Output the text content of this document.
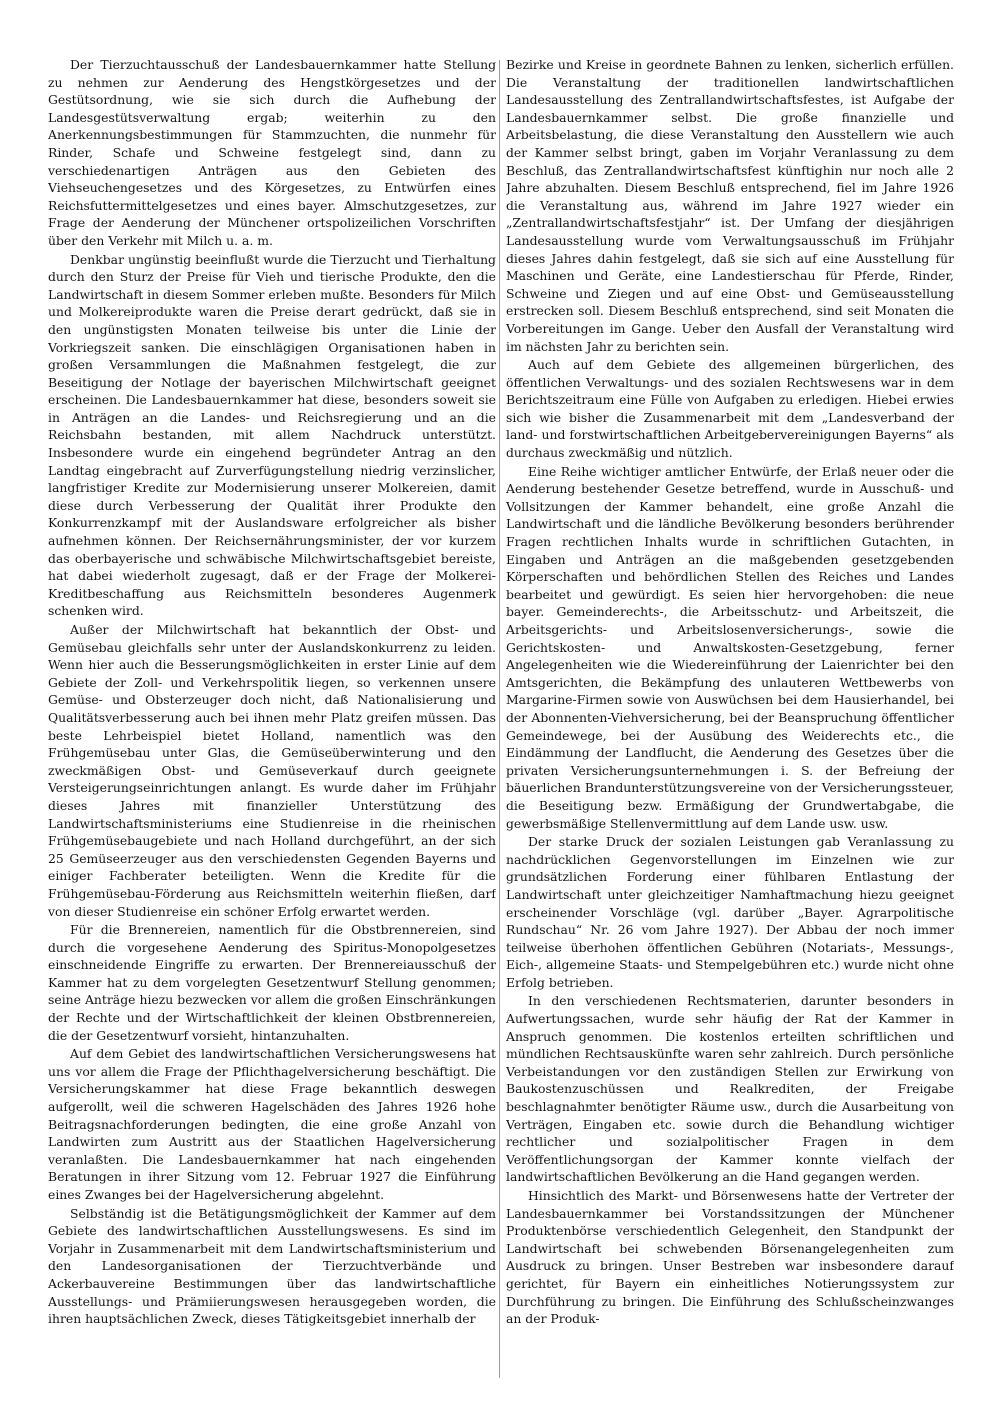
Der Tierzuchtausschuß der Landesbauernkammer hatte Stellung zu nehmen zur Aenderung des Hengstkörgesetzes und der Gestütsordnung, wie sie sich durch die Aufhebung der Landesgestütsverwaltung ergab; weiterhin zu den Anerkennungsbestimmungen für Stammzuchten, die nunmehr für Rinder, Schafe und Schweine festgelegt sind, dann zu verschiedenartigen Anträgen aus den Gebieten des Viehseuchengesetzes und des Körgesetzes, zu Entwürfen eines Reichsfuttermittelgesetzes und eines bayer. Almschutzgesetzes, zur Frage der Aenderung der Münchener ortspolizeilichen Vorschriften über den Verkehr mit Milch u. a. m.

Denkbar ungünstig beeinflußt wurde die Tierzucht und Tierhaltung durch den Sturz der Preise für Vieh und tierische Produkte, den die Landwirtschaft in diesem Sommer erleben mußte. Besonders für Milch und Molkereiprodukte waren die Preise derart gedrückt, daß sie in den ungünstigsten Monaten teilweise bis unter die Linie der Vorkriegszeit sanken. Die einschlägigen Organisationen haben in großen Versammlungen die Maßnahmen festgelegt, die zur Beseitigung der Notlage der bayerischen Milchwirtschaft geeignet erscheinen. Die Landesbauernkammer hat diese, besonders soweit sie in Anträgen an die Landes- und Reichsregierung und an die Reichsbahn bestanden, mit allem Nachdruck unterstützt. Insbesondere wurde ein eingehend begründeter Antrag an den Landtag eingebracht auf Zurverfügungstellung niedrig verzinslicher, langfristiger Kredite zur Modernisierung unserer Molkereien, damit diese durch Verbesserung der Qualität ihrer Produkte den Konkurrenzkampf mit der Auslandsware erfolgreicher als bisher aufnehmen können. Der Reichsernährungsminister, der vor kurzem das oberbayerische und schwäbische Milchwirtschaftsgebiet bereiste, hat dabei wiederholt zugesagt, daß er der Frage der Molkerei-Kreditbeschaffung aus Reichsmitteln besonderes Augenmerk schenken wird.

Außer der Milchwirtschaft hat bekanntlich der Obst- und Gemüsebau gleichfalls sehr unter der Auslandskonkurrenz zu leiden. Wenn hier auch die Besserungsmöglichkeiten in erster Linie auf dem Gebiete der Zoll- und Verkehrspolitik liegen, so verkennen unsere Gemüse- und Obsterzeuger doch nicht, daß Nationalisierung und Qualitätsverbesserung auch bei ihnen mehr Platz greifen müssen. Das beste Lehrbeispiel bietet Holland, namentlich was den Frühgemüsebau unter Glas, die Gemüseüberwinterung und den zweckmäßigen Obst- und Gemüseverkauf durch geeignete Versteigerungseinrichtungen anlangt. Es wurde daher im Frühjahr dieses Jahres mit finanzieller Unterstützung des Landwirtschaftsministeriums eine Studienreise in die rheinischen Frühgemüsebaugebiete und nach Holland durchgeführt, an der sich 25 Gemüseerzeuger aus den verschiedensten Gegenden Bayerns und einiger Fachberater beteiligten. Wenn die Kredite für die Frühgemüsebau-Förderung aus Reichsmitteln weiterhin fließen, darf von dieser Studienreise ein schöner Erfolg erwartet werden.

Für die Brennereien, namentlich für die Obstbrennereien, sind durch die vorgesehene Aenderung des Spiritus-Monopolgesetzes einschneidende Eingriffe zu erwarten. Der Brennereiausschuß der Kammer hat zu dem vorgelegten Gesetzentwurf Stellung genommen; seine Anträge hiezu bezwecken vor allem die großen Einschränkungen der Rechte und der Wirtschaftlichkeit der kleinen Obstbrennereien, die der Gesetzentwurf vorsieht, hintanzuhalten.

Auf dem Gebiet des landwirtschaftlichen Versicherungswesens hat uns vor allem die Frage der Pflichthagelversicherung beschäftigt. Die Versicherungskammer hat diese Frage bekanntlich deswegen aufgerollt, weil die schweren Hagelschäden des Jahres 1926 hohe Beitragsnachforderungen bedingten, die eine große Anzahl von Landwirten zum Austritt aus der Staatlichen Hagelversicherung veranlaßten. Die Landesbauernkammer hat nach eingehenden Beratungen in ihrer Sitzung vom 12. Februar 1927 die Einführung eines Zwanges bei der Hagelversicherung abgelehnt.

Selbständig ist die Betätigungsmöglichkeit der Kammer auf dem Gebiete des landwirtschaftlichen Ausstellungswesens. Es sind im Vorjahr in Zusammenarbeit mit dem Landwirtschaftsministerium und den Landesorganisationen der Tierzuchtverbände und Ackerbauvereine Bestimmungen über das landwirtschaftliche Ausstellungs- und Prämiierungswesen herausgegeben worden, die ihren hauptsächlichen Zweck, dieses Tätigkeitsgebiet innerhalb der

Bezirke und Kreise in geordnete Bahnen zu lenken, sicherlich erfüllen. Die Veranstaltung der traditionellen landwirtschaftlichen Landesausstellung des Zentrallandwirtschaftsfestes, ist Aufgabe der Landesbauernkammer selbst. Die große finanzielle und Arbeitsbelastung, die diese Veranstaltung den Ausstellern wie auch der Kammer selbst bringt, gaben im Vorjahr Veranlassung zu dem Beschluß, das Zentrallandwirtschaftsfest künftighin nur noch alle 2 Jahre abzuhalten. Diesem Beschluß entsprechend, fiel im Jahre 1926 die Veranstaltung aus, während im Jahre 1927 wieder ein „Zentrallandwirtschaftsfestjahr“ ist. Der Umfang der diesjährigen Landesausstellung wurde vom Verwaltungsausschuß im Frühjahr dieses Jahres dahin festgelegt, daß sie sich auf eine Ausstellung für Maschinen und Geräte, eine Landestierschau für Pferde, Rinder, Schweine und Ziegen und auf eine Obst- und Gemüseausstellung erstrecken soll. Diesem Beschluß entsprechend, sind seit Monaten die Vorbereitungen im Gange. Ueber den Ausfall der Veranstaltung wird im nächsten Jahr zu berichten sein.

Auch auf dem Gebiete des allgemeinen bürgerlichen, des öffentlichen Verwaltungs- und des sozialen Rechtswesens war in dem Berichtszeitraum eine Fülle von Aufgaben zu erledigen. Hiebei erwies sich wie bisher die Zusammenarbeit mit dem „Landesverband der land- und forstwirtschaftlichen Arbeitgebervereinigungen Bayerns“ als durchaus zweckmäßig und nützlich.

Eine Reihe wichtiger amtlicher Entwürfe, der Erlaß neuer oder die Aenderung bestehender Gesetze betreffend, wurde in Ausschuß- und Vollsitzungen der Kammer behandelt, eine große Anzahl die Landwirtschaft und die ländliche Bevölkerung besonders berührender Fragen rechtlichen Inhalts wurde in schriftlichen Gutachten, in Eingaben und Anträgen an die maßgebenden gesetzgebenden Körperschaften und behördlichen Stellen des Reiches und Landes bearbeitet und gewürdigt. Es seien hier hervorgehoben: die neue bayer. Gemeinderechts-, die Arbeitsschutz- und Arbeitszeit, die Arbeitsgerichts- und Arbeitslosenversicherungs-, sowie die Gerichtskosten- und Anwaltskosten-Gesetzgebung, ferner Angelegenheiten wie die Wiedereinführung der Laienrichter bei den Amtsgerichten, die Bekämpfung des unlauteren Wettbewerbs von Margarine-Firmen sowie von Auswüchsen bei dem Hausierhandel, bei der Abonnenten-Viehversicherung, bei der Beanspruchung öffentlicher Gemeindewege, bei der Ausübung des Weiderechts etc., die Eindämmung der Landflucht, die Aenderung des Gesetzes über die privaten Versicherungsunternehmungen i. S. der Befreiung der bäuerlichen Brandunterstützungsvereine von der Versicherungssteuer, die Beseitigung bezw. Ermäßigung der Grundwertabgabe, die gewerbsmäßige Stellenvermittlung auf dem Lande usw. usw.

Der starke Druck der sozialen Leistungen gab Veranlassung zu nachdrücklichen Gegenvorstellungen im Einzelnen wie zur grundsätzlichen Forderung einer fühlbaren Entlastung der Landwirtschaft unter gleichzeitiger Namhaftmachung hiezu geeignet erscheinender Vorschläge (vgl. darüber „Bayer. Agrarpolitische Rundschau“ Nr. 26 vom Jahre 1927). Der Abbau der noch immer teilweise überhohen öffentlichen Gebühren (Notariats-, Messungs-, Eich-, allgemeine Staats- und Stempelgebühren etc.) wurde nicht ohne Erfolg betrieben.

In den verschiedenen Rechtsmaterien, darunter besonders in Aufwertungssachen, wurde sehr häufig der Rat der Kammer in Anspruch genommen. Die kostenlos erteilten schriftlichen und mündlichen Rechtsauskünfte waren sehr zahlreich. Durch persönliche Verbeistandungen vor den zuständigen Stellen zur Erwirkung von Baukostenzuschüssen und Realkrediten, der Freigabe beschlagnahmter benötigter Räume usw., durch die Ausarbeitung von Verträgen, Eingaben etc. sowie durch die Behandlung wichtiger rechtlicher und sozialpolitischer Fragen in dem Veröffentlichungsorgan der Kammer konnte vielfach der landwirtschaftlichen Bevölkerung an die Hand gegangen werden.

Hinsichtlich des Markt- und Börsenwesens hatte der Vertreter der Landesbauernkammer bei Vorstandssitzungen der Münchener Produktenbörse verschiedentlich Gelegenheit, den Standpunkt der Landwirtschaft bei schwebenden Börsenangelegenheiten zum Ausdruck zu bringen. Unser Bestreben war insbesondere darauf gerichtet, für Bayern ein einheitliches Notierungssystem zur Durchführung zu bringen. Die Einführung des Schlußscheinzwanges an der Produk-
